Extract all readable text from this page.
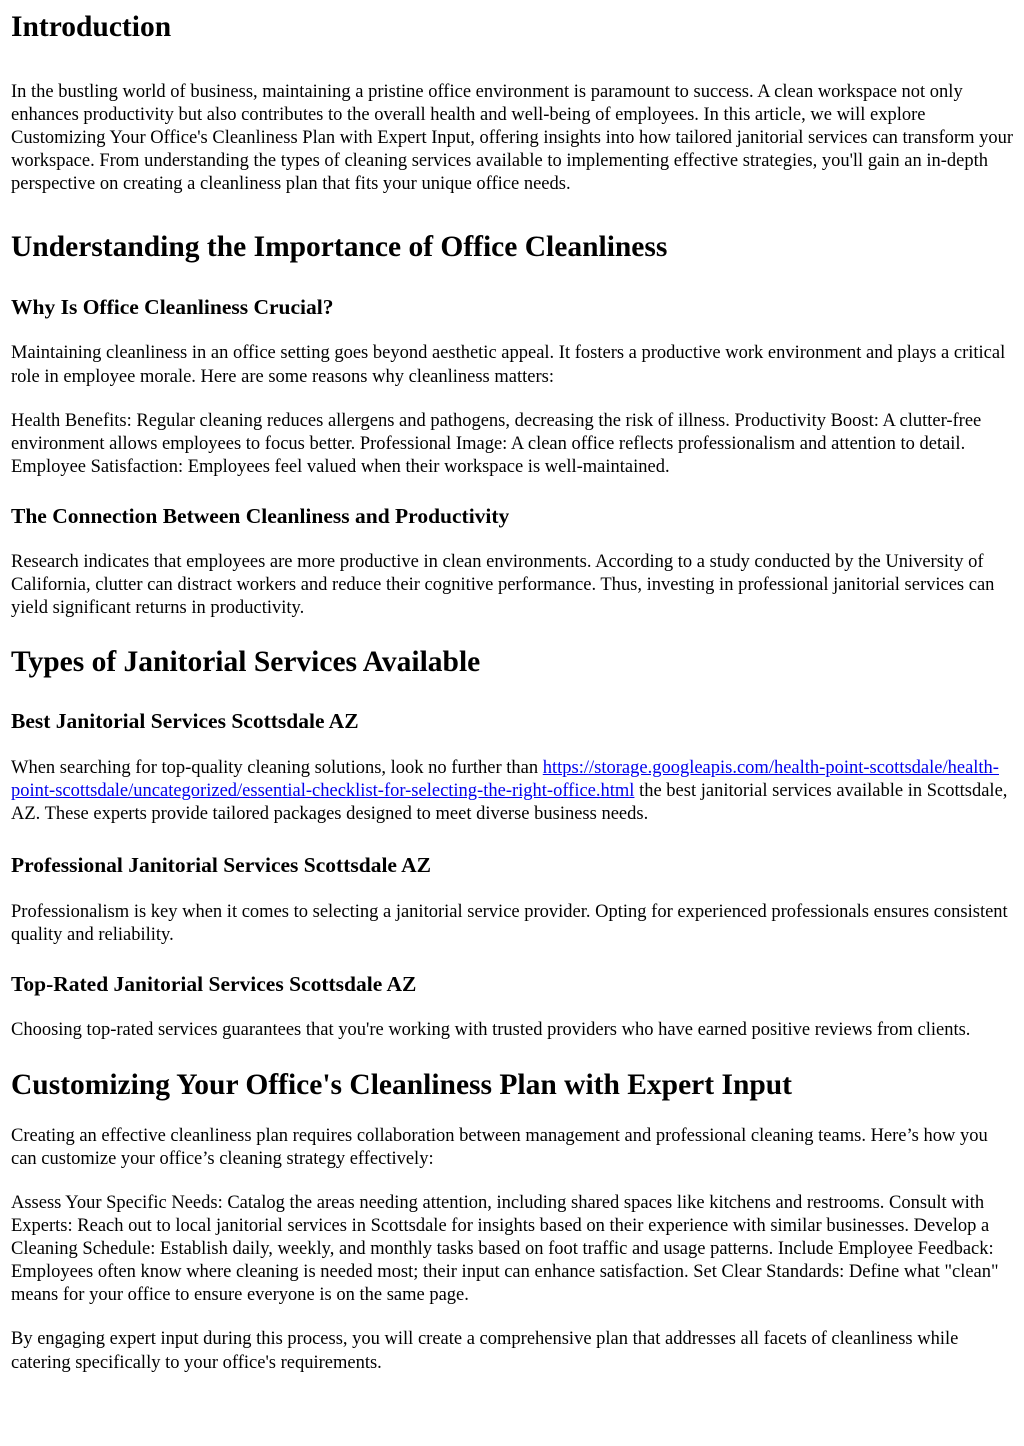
Introduction

In the bustling world of business, maintaining a pristine office environment is paramount to success. A clean workspace not only enhances productivity but also contributes to the overall health and well-being of employees. In this article, we will explore Customizing Your Office's Cleanliness Plan with Expert Input, offering insights into how tailored janitorial services can transform your workspace. From understanding the types of cleaning services available to implementing effective strategies, you'll gain an in-depth perspective on creating a cleanliness plan that fits your unique office needs.

Understanding the Importance of Office Cleanliness
Why Is Office Cleanliness Crucial?

Maintaining cleanliness in an office setting goes beyond aesthetic appeal. It fosters a productive work environment and plays a critical role in employee morale. Here are some reasons why cleanliness matters:

Health Benefits: Regular cleaning reduces allergens and pathogens, decreasing the risk of illness. Productivity Boost: A clutter-free environment allows employees to focus better. Professional Image: A clean office reflects professionalism and attention to detail. Employee Satisfaction: Employees feel valued when their workspace is well-maintained.

The Connection Between Cleanliness and Productivity

Research indicates that employees are more productive in clean environments. According to a study conducted by the University of California, clutter can distract workers and reduce their cognitive performance. Thus, investing in professional janitorial services can yield significant returns in productivity.

Types of Janitorial Services Available
Best Janitorial Services Scottsdale AZ

When searching for top-quality cleaning solutions, look no further than https://storage.googleapis.com/health-point-scottsdale/health-point-scottsdale/uncategorized/essential-checklist-for-selecting-the-right-office.html the best janitorial services available in Scottsdale, AZ. These experts provide tailored packages designed to meet diverse business needs.

Professional Janitorial Services Scottsdale AZ

Professionalism is key when it comes to selecting a janitorial service provider. Opting for experienced professionals ensures consistent quality and reliability.

Top-Rated Janitorial Services Scottsdale AZ

Choosing top-rated services guarantees that you're working with trusted providers who have earned positive reviews from clients.

Customizing Your Office's Cleanliness Plan with Expert Input

Creating an effective cleanliness plan requires collaboration between management and professional cleaning teams. Here’s how you can customize your office’s cleaning strategy effectively:

Assess Your Specific Needs: Catalog the areas needing attention, including shared spaces like kitchens and restrooms. Consult with Experts: Reach out to local janitorial services in Scottsdale for insights based on their experience with similar businesses. Develop a Cleaning Schedule: Establish daily, weekly, and monthly tasks based on foot traffic and usage patterns. Include Employee Feedback: Employees often know where cleaning is needed most; their input can enhance satisfaction. Set Clear Standards: Define what "clean" means for your office to ensure everyone is on the same page.

By engaging expert input during this process, you will create a comprehensive plan that addresses all facets of cleanliness while catering specifically to your office's requirements.
